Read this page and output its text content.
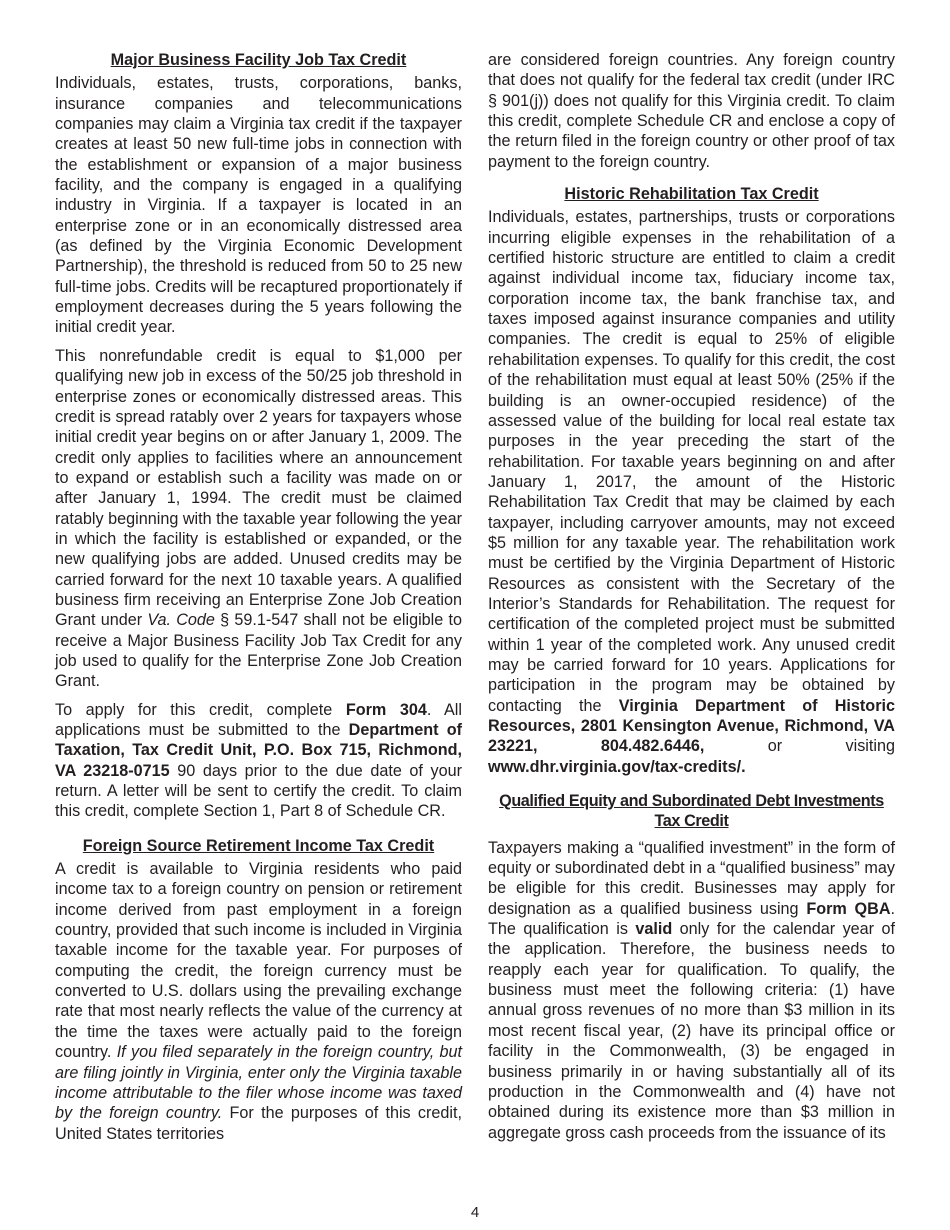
Major Business Facility Job Tax Credit

Individuals, estates, trusts, corporations, banks, insurance companies and telecommunications companies may claim a Virginia tax credit if the taxpayer creates at least 50 new full-time jobs in connection with the establishment or expansion of a major business facility, and the company is engaged in a qualifying industry in Virginia. If a taxpayer is located in an enterprise zone or in an economically distressed area (as defined by the Virginia Economic Development Partnership), the threshold is reduced from 50 to 25 new full-time jobs. Credits will be recaptured proportionately if employment decreases during the 5 years following the initial credit year.

This nonrefundable credit is equal to $1,000 per qualifying new job in excess of the 50/25 job threshold in enterprise zones or economically distressed areas. This credit is spread ratably over 2 years for taxpayers whose initial credit year begins on or after January 1, 2009. The credit only applies to facilities where an announcement to expand or establish such a facility was made on or after January 1, 1994. The credit must be claimed ratably beginning with the taxable year following the year in which the facility is established or expanded, or the new qualifying jobs are added. Unused credits may be carried forward for the next 10 taxable years. A qualified business firm receiving an Enterprise Zone Job Creation Grant under Va. Code § 59.1-547 shall not be eligible to receive a Major Business Facility Job Tax Credit for any job used to qualify for the Enterprise Zone Job Creation Grant.

To apply for this credit, complete Form 304. All applications must be submitted to the Department of Taxation, Tax Credit Unit, P.O. Box 715, Richmond, VA 23218-0715 90 days prior to the due date of your return. A letter will be sent to certify the credit. To claim this credit, complete Section 1, Part 8 of Schedule CR.

Foreign Source Retirement Income Tax Credit

A credit is available to Virginia residents who paid income tax to a foreign country on pension or retirement income derived from past employment in a foreign country, provided that such income is included in Virginia taxable income for the taxable year. For purposes of computing the credit, the foreign currency must be converted to U.S. dollars using the prevailing exchange rate that most nearly reflects the value of the currency at the time the taxes were actually paid to the foreign country. If you filed separately in the foreign country, but are filing jointly in Virginia, enter only the Virginia taxable income attributable to the filer whose income was taxed by the foreign country. For the purposes of this credit, United States territories

are considered foreign countries. Any foreign country that does not qualify for the federal tax credit (under IRC § 901(j)) does not qualify for this Virginia credit. To claim this credit, complete Schedule CR and enclose a copy of the return filed in the foreign country or other proof of tax payment to the foreign country.

Historic Rehabilitation Tax Credit

Individuals, estates, partnerships, trusts or corporations incurring eligible expenses in the rehabilitation of a certified historic structure are entitled to claim a credit against individual income tax, fiduciary income tax, corporation income tax, the bank franchise tax, and taxes imposed against insurance companies and utility companies. The credit is equal to 25% of eligible rehabilitation expenses. To qualify for this credit, the cost of the rehabilitation must equal at least 50% (25% if the building is an owner-occupied residence) of the assessed value of the building for local real estate tax purposes in the year preceding the start of the rehabilitation. For taxable years beginning on and after January 1, 2017, the amount of the Historic Rehabilitation Tax Credit that may be claimed by each taxpayer, including carryover amounts, may not exceed $5 million for any taxable year. The rehabilitation work must be certified by the Virginia Department of Historic Resources as consistent with the Secretary of the Interior’s Standards for Rehabilitation. The request for certification of the completed project must be submitted within 1 year of the completed work. Any unused credit may be carried forward for 10 years. Applications for participation in the program may be obtained by contacting the Virginia Department of Historic Resources, 2801 Kensington Avenue, Richmond, VA 23221, 804.482.6446, or visiting www.dhr.virginia.gov/tax-credits/.

Qualified Equity and Subordinated Debt Investments Tax Credit

Taxpayers making a “qualified investment” in the form of equity or subordinated debt in a “qualified business” may be eligible for this credit. Businesses may apply for designation as a qualified business using Form QBA. The qualification is valid only for the calendar year of the application. Therefore, the business needs to reapply each year for qualification. To qualify, the business must meet the following criteria: (1) have annual gross revenues of no more than $3 million in its most recent fiscal year, (2) have its principal office or facility in the Commonwealth, (3) be engaged in business primarily in or having substantially all of its production in the Commonwealth and (4) have not obtained during its existence more than $3 million in aggregate gross cash proceeds from the issuance of its

4
